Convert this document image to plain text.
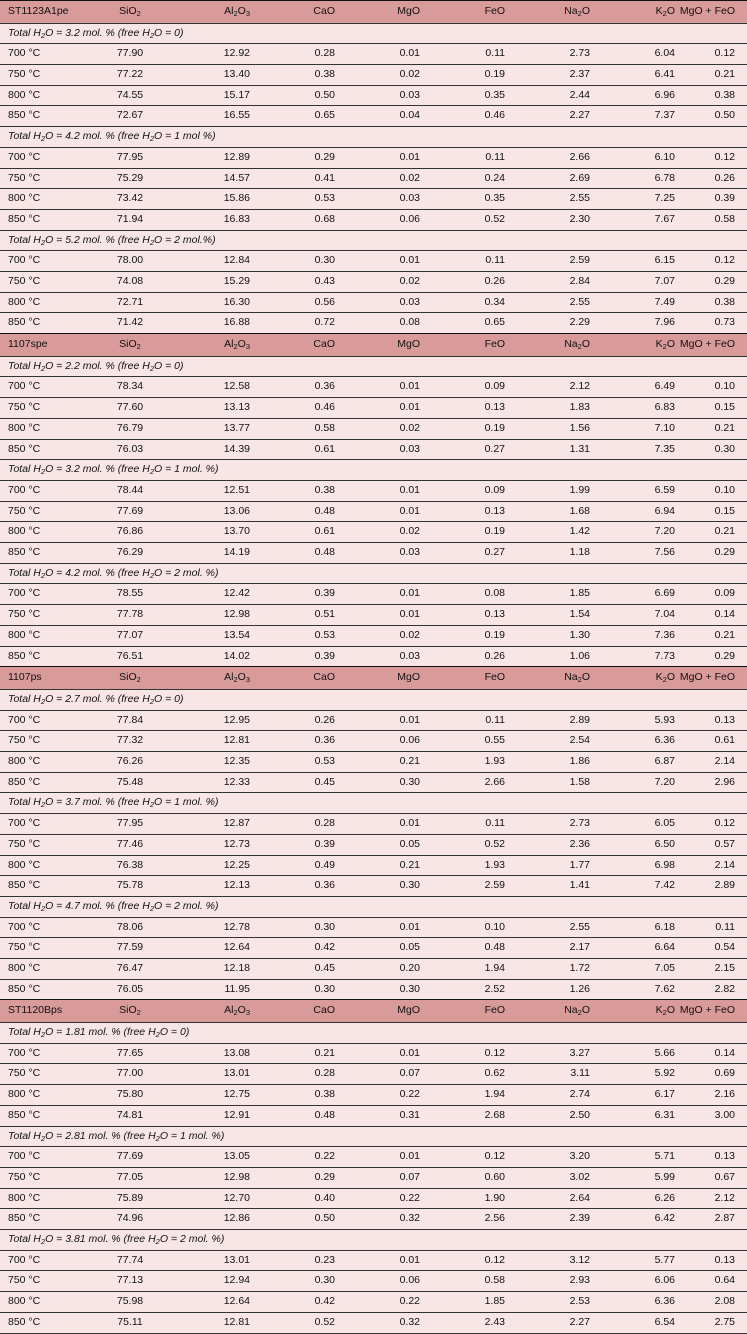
ST1123A1pe	SiO$_2$	$Al_2O_3$	CaO	MgO	FeO	$Na_2O$	$K_2O$	MgO + FeO
Total $H_2O = 3.2$ mol. % (free $H_2O = 0$)								
700 °C	77.90	12.92	0.28	0.01	0.11	2.73	6.04	0.12
750 °C	77.22	13.40	0.38	0.02	0.19	2.37	6.41	0.21
800 °C	74.55	15.17	0.50	0.03	0.35	2.44	6.96	0.38
850 °C	72.67	16.55	0.65	0.04	0.46	2.27	7.37	0.50
Total $H_2O = 4.2$ mol. % (free $H_2O = 1$ mol %)								
700 °C	77.95	12.89	0.29	0.01	0.11	2.66	6.10	0.12
750 °C	75.29	14.57	0.41	0.02	0.24	2.69	6.78	0.26
800 °C	73.42	15.86	0.53	0.03	0.35	2.55	7.25	0.39
850 °C	71.94	16.83	0.68	0.06	0.52	2.30	7.67	0.58
Total $H_2O = 5.2$ mol. % (free $H_2O = 2$ mol.%)								
700 °C	78.00	12.84	0.30	0.01	0.11	2.59	6.15	0.12
750 °C	74.08	15.29	0.43	0.02	0.26	2.84	7.07	0.29
800 °C	72.71	16.30	0.56	0.03	0.34	2.55	7.49	0.38
850 °C	71.42	16.88	0.72	0.08	0.65	2.29	7.96	0.73
1107spe	SiO$_2$	$Al_2O_3$	CaO	MgO	FeO	$Na_2O$	$K_2O$	MgO + FeO
Total $H_2O = 2.2$ mol. % (free $H_2O = 0$)								
700 °C	78.34	12.58	0.36	0.01	0.09	2.12	6.49	0.10
750 °C	77.60	13.13	0.46	0.01	0.13	1.83	6.83	0.15
800 °C	76.79	13.77	0.58	0.02	0.19	1.56	7.10	0.21
850 °C	76.03	14.39	0.61	0.03	0.27	1.31	7.35	0.30
Total $H_2O = 3.2$ mol. % (free $H_2O = 1$ mol. %)								
700 °C	78.44	12.51	0.38	0.01	0.09	1.99	6.59	0.10
750 °C	77.69	13.06	0.48	0.01	0.13	1.68	6.94	0.15
800 °C	76.86	13.70	0.61	0.02	0.19	1.42	7.20	0.21
850 °C	76.29	14.19	0.48	0.03	0.27	1.18	7.56	0.29
Total $H_2O = 4.2$ mol. % (free $H_2O = 2$ mol. %)								
700 °C	78.55	12.42	0.39	0.01	0.08	1.85	6.69	0.09
750 °C	77.78	12.98	0.51	0.01	0.13	1.54	7.04	0.14
800 °C	77.07	13.54	0.53	0.02	0.19	1.30	7.36	0.21
850 °C	76.51	14.02	0.39	0.03	0.26	1.06	7.73	0.29
1107ps	SiO$_2$	$Al_2O_3$	CaO	MgO	FeO	$Na_2O$	$K_2O$	MgO + FeO
Total $H_2O = 2.7$ mol. % (free $H_2O = 0$)								
700 °C	77.84	12.95	0.26	0.01	0.11	2.89	5.93	0.13
750 °C	77.32	12.81	0.36	0.06	0.55	2.54	6.36	0.61
800 °C	76.26	12.35	0.53	0.21	1.93	1.86	6.87	2.14
850 °C	75.48	12.33	0.45	0.30	2.66	1.58	7.20	2.96
Total $H_2O = 3.7$ mol. % (free $H_2O = 1$ mol. %)								
700 °C	77.95	12.87	0.28	0.01	0.11	2.73	6.05	0.12
750 °C	77.46	12.73	0.39	0.05	0.52	2.36	6.50	0.57
800 °C	76.38	12.25	0.49	0.21	1.93	1.77	6.98	2.14
850 °C	75.78	12.13	0.36	0.30	2.59	1.41	7.42	2.89
Total $H_2O = 4.7$ mol. % (free $H_2O = 2$ mol. %)								
700 °C	78.06	12.78	0.30	0.01	0.10	2.55	6.18	0.11
750 °C	77.59	12.64	0.42	0.05	0.48	2.17	6.64	0.54
800 °C	76.47	12.18	0.45	0.20	1.94	1.72	7.05	2.15
850 °C	76.05	11.95	0.30	0.30	2.52	1.26	7.62	2.82
ST1120Bps	SiO$_2$	$Al_2O_3$	CaO	MgO	FeO	$Na_2O$	$K_2O$	MgO + FeO
Total $H_2O = 1.81$ mol. % (free $H_2O = 0$)								
700 °C	77.65	13.08	0.21	0.01	0.12	3.27	5.66	0.14
750 °C	77.00	13.01	0.28	0.07	0.62	3.11	5.92	0.69
800 °C	75.80	12.75	0.38	0.22	1.94	2.74	6.17	2.16
850 °C	74.81	12.91	0.48	0.31	2.68	2.50	6.31	3.00
Total $H_2O = 2.81$ mol. % (free $H_2O = 1$ mol. %)								
700 °C	77.69	13.05	0.22	0.01	0.12	3.20	5.71	0.13
750 °C	77.05	12.98	0.29	0.07	0.60	3.02	5.99	0.67
800 °C	75.89	12.70	0.40	0.22	1.90	2.64	6.26	2.12
850 °C	74.96	12.86	0.50	0.32	2.56	2.39	6.42	2.87
Total $H_2O = 3.81$ mol. % (free $H_2O = 2$ mol. %)								
700 °C	77.74	13.01	0.23	0.01	0.12	3.12	5.77	0.13
750 °C	77.13	12.94	0.30	0.06	0.58	2.93	6.06	0.64
800 °C	75.98	12.64	0.42	0.22	1.85	2.53	6.36	2.08
850 °C	75.11	12.81	0.52	0.32	2.43	2.27	6.54	2.75
